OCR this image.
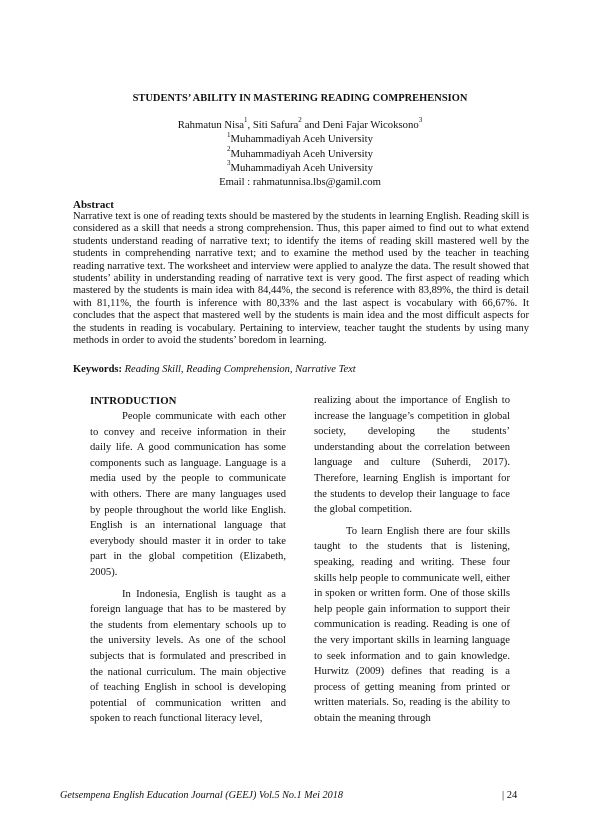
STUDENTS’ ABILITY IN MASTERING READING COMPREHENSION
Rahmatun Nisa$^1$, Siti Safura$^2$ and Deni Fajar Wicoksono$^3$
$^1$Muhammadiyah Aceh University
$^2$Muhammadiyah Aceh University
$^3$Muhammadiyah Aceh University
Email : rahmatunnisa.lbs@gamil.com
Abstract
Narrative text is one of reading texts should be mastered by the students in learning English. Reading skill is considered as a skill that needs a strong comprehension. Thus, this paper aimed to find out to what extend students understand reading of narrative text; to identify the items of reading skill mastered well by the students in comprehending narrative text; and to examine the method used by the teacher in teaching reading narrative text. The worksheet and interview were applied to analyze the data. The result showed that students’ ability in understanding reading of narrative text is very good. The first aspect of reading which mastered by the students is main idea with 84,44%, the second is reference with 83,89%, the third is detail with 81,11%, the fourth is inference with 80,33% and the last aspect is vocabulary with 66,67%. It concludes that the aspect that mastered well by the students is main idea and the most difficult aspects for the students in reading is vocabulary. Pertaining to interview, teacher taught the students by using many methods in order to avoid the students’ boredom in learning.
Keywords: Reading Skill, Reading Comprehension, Narrative Text
INTRODUCTION

People communicate with each other to convey and receive information in their daily life. A good communication has some components such as language. Language is a media used by the people to communicate with others. There are many languages used by people throughout the world like English. English is an international language that everybody should master it in order to take part in the global competition (Elizabeth, 2005).

In Indonesia, English is taught as a foreign language that has to be mastered by the students from elementary schools up to the university levels. As one of the school subjects that is formulated and prescribed in the national curriculum. The main objective of teaching English in school is developing potential of communication written and spoken to reach functional literacy level,

realizing about the importance of English to increase the language’s competition in global society, developing the students’ understanding about the correlation between language and culture (Suherdi, 2017). Therefore, learning English is important for the students to develop their language to face the global competition.

To learn English there are four skills taught to the students that is listening, speaking, reading and writing. These four skills help people to communicate well, either in spoken or written form. One of those skills help people gain information to support their communication is reading. Reading is one of the very important skills in learning language to seek information and to gain knowledge. Hurwitz (2009) defines that reading is a process of getting meaning from printed or written materials. So, reading is the ability to obtain the meaning through

Getsempena English Education Journal (GEEJ) Vol.5 No.1 Mei 2018	| 24
